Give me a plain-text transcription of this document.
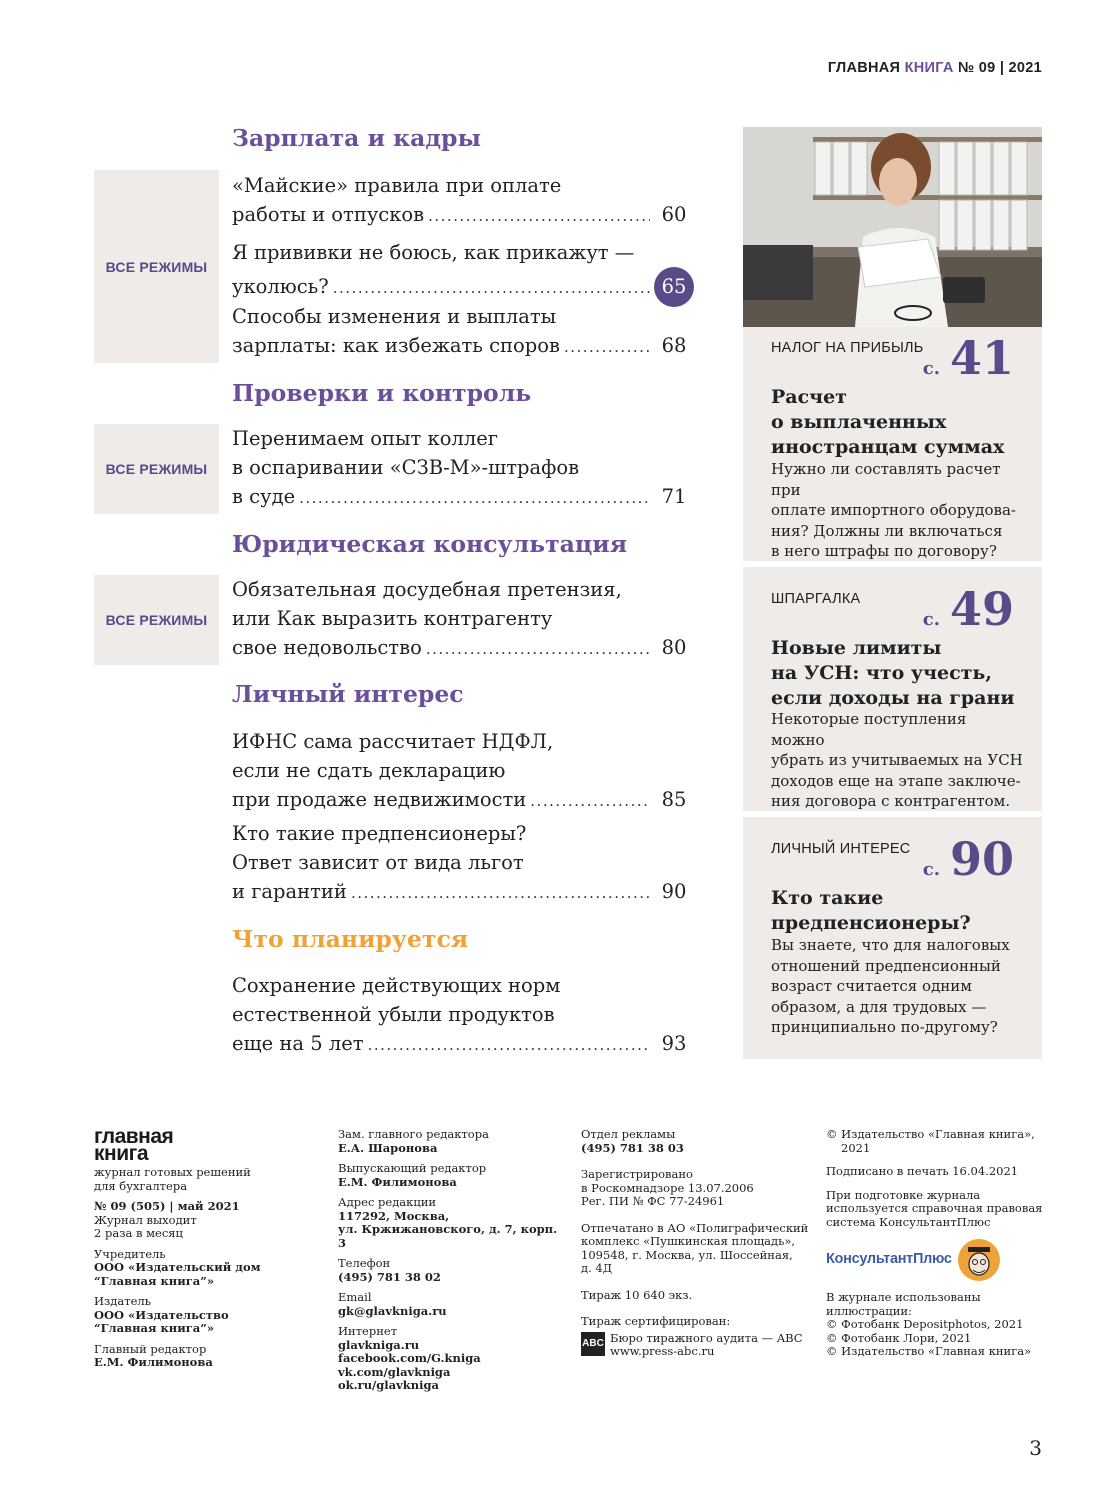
ГЛАВНАЯ КНИГА № 09 | 2021
Зарплата и кадры
ВСЕ РЕЖИМЫ
«Майские» правила при оплате
работы и отпусков .....	60
Я прививки не боюсь, как прикажут —
уколюсь? .....	65
Способы изменения и выплаты
зарплаты: как избежать споров .....	68
Проверки и контроль
ВСЕ РЕЖИМЫ
Перенимаем опыт коллег
в оспаривании «СЗВ-М»-штрафов
в суде .....	71
Юридическая консультация
ВСЕ РЕЖИМЫ
Обязательная досудебная претензия,
или Как выразить контрагенту
свое недовольство .....	80
Личный интерес
ИФНС сама рассчитает НДФЛ,
если не сдать декларацию
при продаже недвижимости .....	85
Кто такие предпенсионеры?
Ответ зависит от вида льгот
и гарантий .....	90
Что планируется
Сохранение действующих норм
естественной убыли продуктов
еще на 5 лет .....	93
НАЛОГ НА ПРИБЫЛЬ
с. 41
Расчет
о выплаченных
иностранцам суммах
Нужно ли составлять расчет при
оплате импортного оборудова-
ния? Должны ли включаться
в него штрафы по договору?
ШПАРГАЛКА
с. 49
Новые лимиты
на УСН: что учесть,
если доходы на грани
Некоторые поступления можно
убрать из учитываемых на УСН
доходов еще на этапе заключе-
ния договора с контрагентом.
ЛИЧНЫЙ ИНТЕРЕС
с. 90
Кто такие
предпенсионеры?
Вы знаете, что для налоговых
отношений предпенсионный
возраст считается одним
образом, а для трудовых —
принципиально по-другому?
главная
книга
журнал готовых решений
для бухгалтера
№ 09 (505) | май 2021
Журнал выходит
2 раза в месяц
Учредитель
ООО «Издательский дом
“Главная книга”»
Издатель
ООО «Издательство
“Главная книга”»
Главный редактор
Е.М. Филимонова
Зам. главного редактора
Е.А. Шаронова
Выпускающий редактор
Е.М. Филимонова
Адрес редакции
117292, Москва,
ул. Кржижановского, д. 7, корп. 3
Телефон
(495) 781 38 02
Email
gk@glavkniga.ru
Интернет
glavkniga.ru
facebook.com/G.kniga
vk.com/glavkniga
ok.ru/glavkniga
Отдел рекламы
(495) 781 38 03
Зарегистрировано
в Роскомнадзоре 13.07.2006
Рег. ПИ № ФС 77-24961
Отпечатано в АО «Полиграфический
комплекс «Пушкинская площадь»,
109548, г. Москва, ул. Шоссейная,
д. 4Д
Тираж 10 640 экз.
Тираж сертифицирован:
ABC Бюро тиражного аудита — ABC
www.press-abc.ru
© Издательство «Главная книга»,
2021
Подписано в печать 16.04.2021
При подготовке журнала
используется справочная правовая
система КонсультантПлюс
КонсультантПлюс
В журнале использованы
иллюстрации:
© Фотобанк Depositphotos, 2021
© Фотобанк Лори, 2021
© Издательство «Главная книга»
3
